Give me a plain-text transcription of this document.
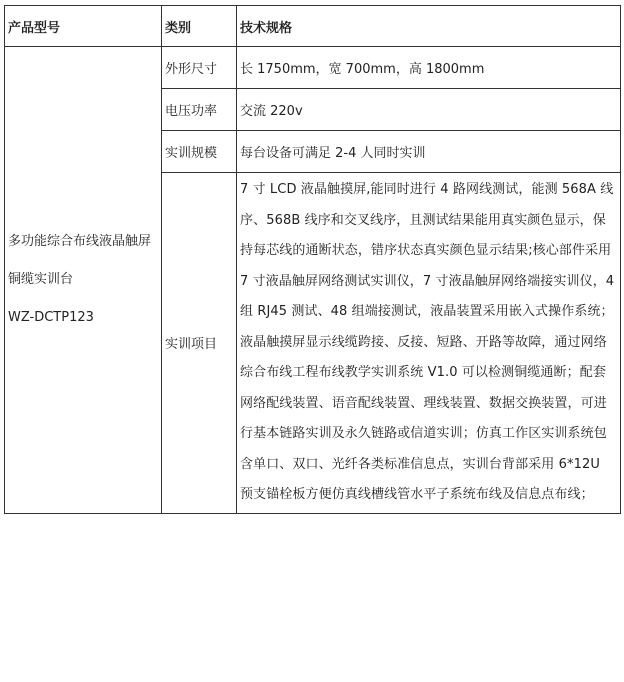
产品型号	类别	技术规格

多功能综合布线液晶触屏
铜缆实训台
WZ-DCTP123	外形尺寸	长 1750mm，宽 700mm，高 1800mm
	电压功率	交流 220v
	实训规模	每台设备可满足 2-4 人同时实训
	实训项目	7 寸 LCD 液晶触摸屏,能同时进行 4 路网线测试，能测 568A 线序、568B 线序和交叉线序，且测试结果能用真实颜色显示，保持每芯线的通断状态，错序状态真实颜色显示结果;核心部件采用 7 寸液晶触屏网络测试实训仪，7 寸液晶触屏网络端接实训仪，4 组 RJ45 测试、48 组端接测试，液晶装置采用嵌入式操作系统；液晶触摸屏显示线缆跨接、反接、短路、开路等故障，通过网络综合布线工程布线教学实训系统 V1.0 可以检测铜缆通断；配套网络配线装置、语音配线装置、理线装置、数据交换装置，可进行基本链路实训及永久链路或信道实训；仿真工作区实训系统包含单口、双口、光纤各类标准信息点，实训台背部采用 6*12U 预支锚栓板方便仿真线槽线管水平子系统布线及信息点布线；
